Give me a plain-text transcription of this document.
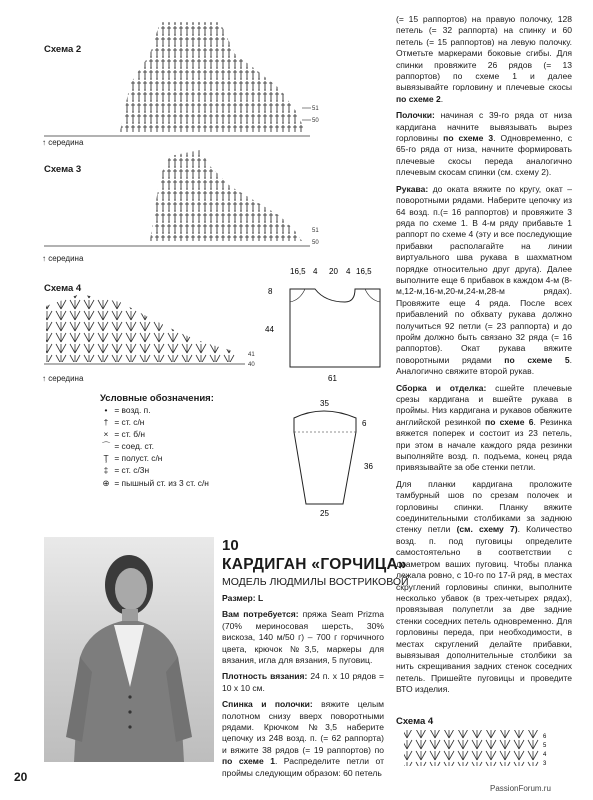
Схема 2
51
50
↑ середина
Схема 3
51
50
↑ середина
Схема 4
41
40
↑ середина
16,5 4 20 4 16,5
8
44
61
35
6
36
25
Условные обозначения:
• = возд. п.
† = ст. с/н
× = ст. б/н
⌒ = соед. ст.
Ţ = полуст. с/н
‡ = ст. с/3н
⊕ = пышный ст. из 3 ст. с/н
10
КАРДИГАН «ГОРЧИЦА»
МОДЕЛЬ ЛЮДМИЛЫ ВОСТРИКОВОЙ

Размер: L

Вам потребуется: пряжа Seam Prizma (70% мериносовая шерсть, 30% вискоза, 140 м/50 г) – 700 г горчичного цвета, крючок №3,5, маркеры для вязания, игла для вязания, 5 пуговиц.

Плотность вязания: 24 п. х 10 рядов = 10 х 10 см.

Спинка и полочки: вяжите целым полотном снизу вверх поворотными рядами. Крючком №3,5 наберите цепочку из 248 возд. п. (= 62 раппорта) и вяжите 38 рядов (= 19 раппортов) по по схеме 1. Распределите петли от проймы следующим образом: 60 петель

(= 15 раппортов) на правую полочку, 128 петель (= 32 раппорта) на спинку и 60 петель (= 15 раппортов) на левую полочку. Отметьте маркерами боковые сгибы. Для спинки провяжите 26 рядов (= 13 раппортов) по схеме 1 и далее вывязывайте горловину и плечевые скосы по схеме 2.

Полочки: начиная с 39-го ряда от низа кардигана начните вывязывать вырез горловины по схеме 3. Одновременно, с 65-го ряда от низа, начните формировать плечевые скосы переда аналогично плечевым скосам спинки (см. схему 2).

Рукава: до оката вяжите по кругу, окат – поворотными рядами. Наберите цепочку из 64 возд. п.(= 16 раппортов) и провяжите 3 ряда по схеме 1. В 4-м ряду прибавьте 1 раппорт по схеме 4 (эту и все последующие прибавки располагайте на линии виртуального шва рукава в шахматном порядке относительно друг друга). Далее выполните еще 6 прибавок в каждом 4-м (8-м,12-м,16-м,20-м,24-м,28-м рядах). Провяжите еще 4 ряда. После всех прибавлений по обхвату рукава должно получиться 92 петли (= 23 раппорта) и до пройм должно быть связано 32 ряда (= 16 раппортов). Окат рукава вяжите поворотными рядами по схеме 5. Аналогично свяжите второй рукав.

Сборка и отделка: сшейте плечевые срезы кардигана и вшейте рукава в проймы. Низ кардигана и рукавов обвяжите английской резинкой по схеме 6. Резинка вяжется поперек и состоит из 23 петель, при этом в начале каждого ряда резинки выполняйте возд. п. подъема, конец ряда привязывайте за обе стенки петли.

Для планки кардигана проложите тамбурный шов по срезам полочек и горловины спинки. Планку вяжите соединительными столбиками за заднюю стенку петли (см. схему 7). Количество возд. п. под пуговицы определите самостоятельно в соответствии с диаметром ваших пуговиц. Чтобы планка лежала ровно, с 10-го по 17-й ряд, в местах скруглений горловины спинки, выполните несколько убавок (в трех-четырех рядах), провязывая полупетли за две задние стенки соседних петель одновременно. Для горловины переда, при необходимости, в местах скруглений делайте прибавки, вывязывая дополнительные столбики за нить скрещивания задних стенок соседних петель. Пришейте пуговицы и проведите ВТО изделия.

Схема 4
6
5
4
3
20
PassionForum.ru
